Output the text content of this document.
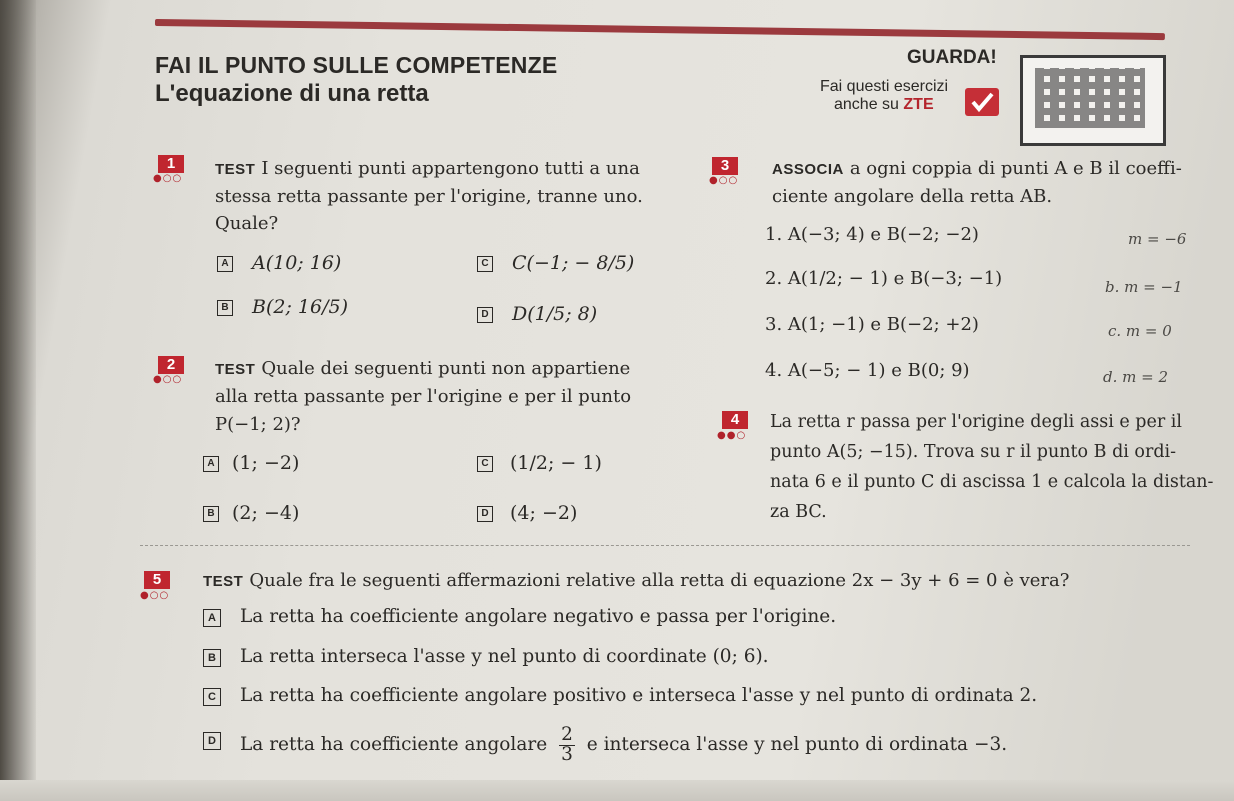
FAI IL PUNTO SULLE COMPETENZE
L'equazione di una retta
GUARDA!
Fai questi esercizi
anche su ZTE
1
●○○
TEST I seguenti punti appartengono tutti a una
stessa retta passante per l'origine, tranne uno.
Quale?
A A(10; 16)
B B(2; 16/5)
C C(−1; − 8/5)
D D(1/5; 8)
2
●○○
TEST Quale dei seguenti punti non appartiene
alla retta passante per l'origine e per il punto
P(−1; 2)?
A (1; −2)
B (2; −4)
C (1/2; − 1)
D (4; −2)
3
●○○
ASSOCIA a ogni coppia di punti A e B il coeffi-
ciente angolare della retta AB.
1. A(−3; 4) e B(−2; −2)
2. A(1/2; − 1) e B(−3; −1)
3. A(1; −1) e B(−2; +2)
4. A(−5; − 1) e B(0; 9)
m = −6
b. m = −1
c. m = 0
d. m = 2
4
●●○
La retta r passa per l'origine degli assi e per il
punto A(5; −15). Trova su r il punto B di ordi-
nata 6 e il punto C di ascissa 1 e calcola la distan-
za BC.
5
●○○
TEST Quale fra le seguenti affermazioni relative alla retta di equazione 2x − 3y + 6 = 0 è vera?
A La retta ha coefficiente angolare negativo e passa per l'origine.
B La retta interseca l'asse y nel punto di coordinate (0; 6).
C La retta ha coefficiente angolare positivo e interseca l'asse y nel punto di ordinata 2.
D La retta ha coefficiente angolare $\frac{2}{3}$ e interseca l'asse y nel punto di ordinata −3.
